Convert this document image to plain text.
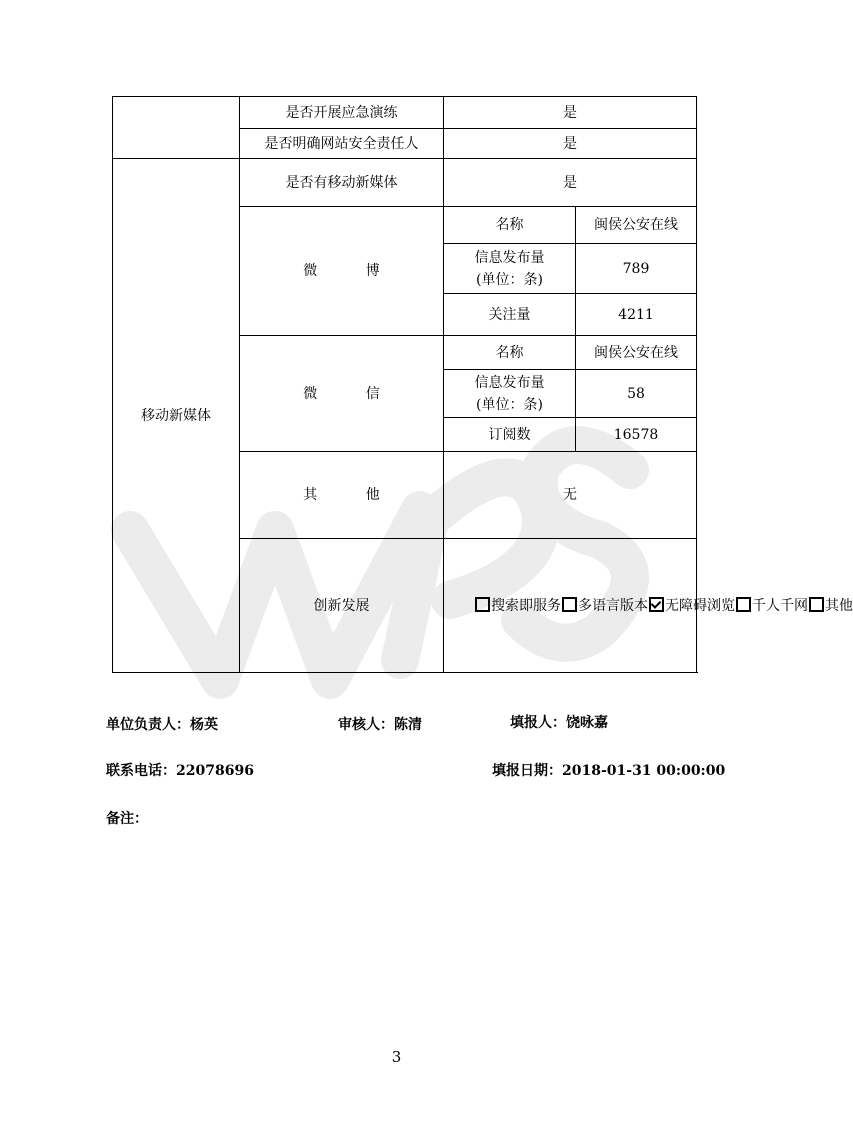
	是否开展应急演练	是	
	是否明确网站安全责任人	是	
移动新媒体	是否有移动新媒体	是	
	微 博	名称	闽侯公安在线

		信息发布量
(单位：条)	789
		关注量	4211
	微 信	名称	闽侯公安在线

		信息发布量
(单位：条)	58
		订阅数	16578
	其 他	无	
	创新发展	搜索即服务 多语言版本 无障碍浏览 千人千网 其他	
单位负责人：杨英	审核人：陈清	填报人：饶咏嘉
联系电话：22078696	填报日期：2018-01-31 00:00:00
备注：
3
